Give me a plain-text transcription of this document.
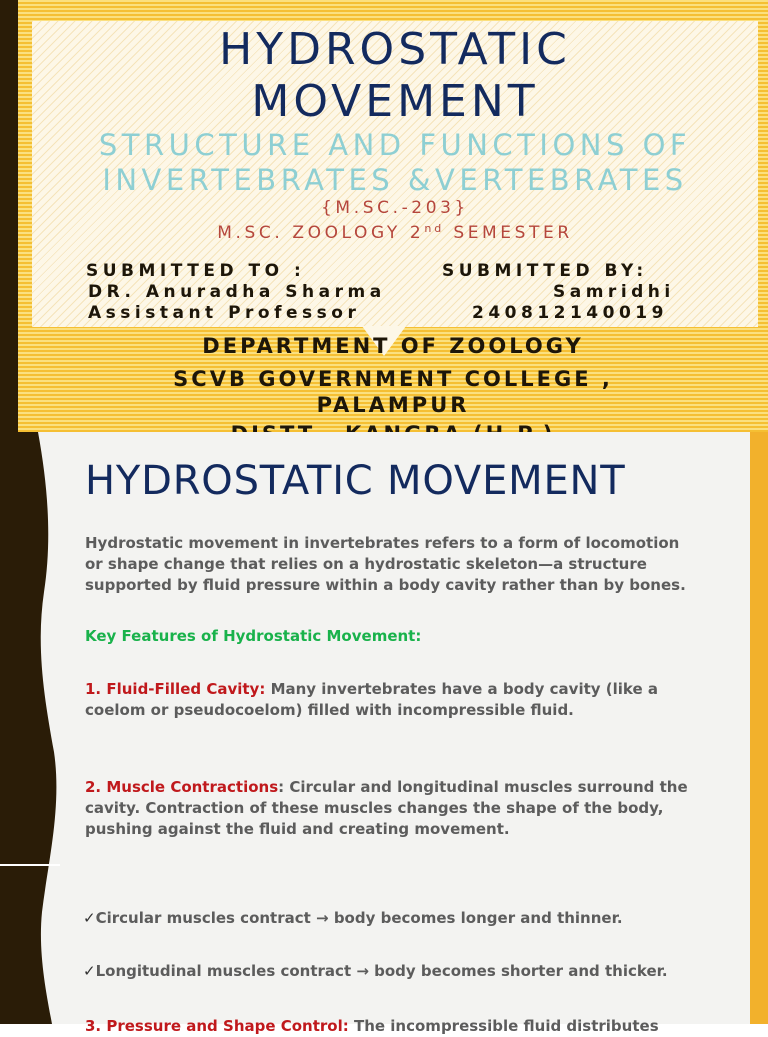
HYDROSTATIC
MOVEMENT

STRUCTURE AND FUNCTIONS OF
INVERTEBRATES &VERTEBRATES

{M.SC.-203}

M.SC. ZOOLOGY 2nd SEMESTER

SUBMITTED TO :	SUBMITTED BY:

DR. Anuradha Sharma	Samridhi

Assistant Professor	240812140019

DEPARTMENT OF ZOOLOGY

SCVB GOVERNMENT COLLEGE ,

PALAMPUR

HYDROSTATIC MOVEMENT

Hydrostatic movement in invertebrates refers to a form of locomotion
or shape change that relies on a hydrostatic skeleton—a structure
supported by fluid pressure within a body cavity rather than by bones.

Key Features of Hydrostatic Movement:

1. Fluid-Filled Cavity: Many invertebrates have a body cavity (like a
coelom or pseudocoelom) filled with incompressible fluid.

2. Muscle Contractions: Circular and longitudinal muscles surround the
cavity. Contraction of these muscles changes the shape of the body,
pushing against the fluid and creating movement.

✓Circular muscles contract → body becomes longer and thinner.

✓Longitudinal muscles contract → body becomes shorter and thicker.

3. Pressure and Shape Control: The incompressible fluid distributes
